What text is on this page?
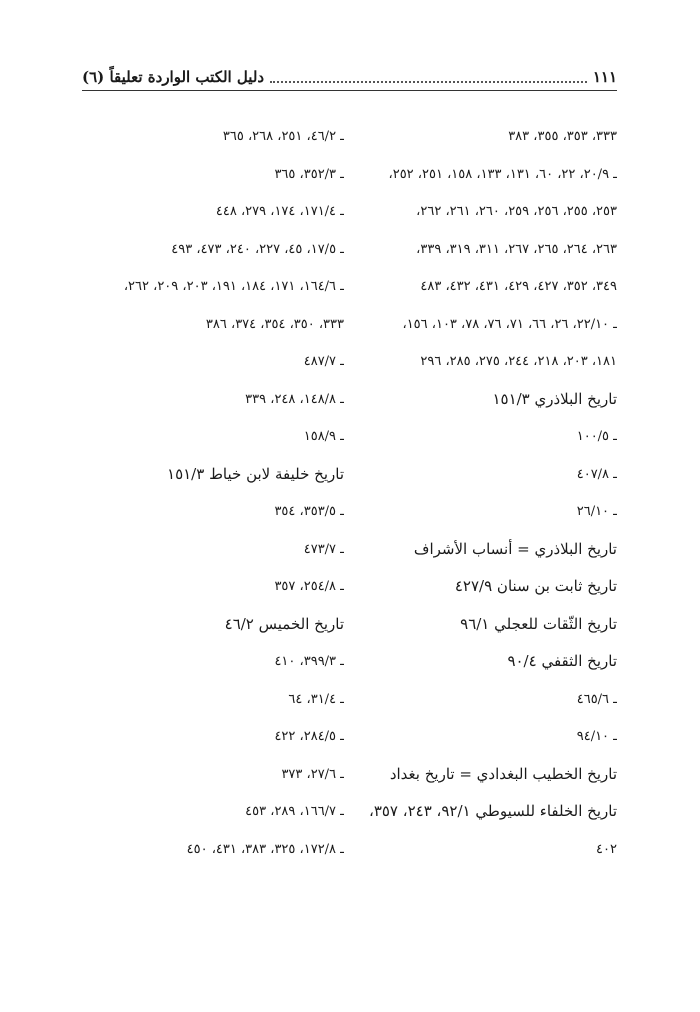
دليل الكتب الواردة تعليقاً (٦)	١١١
٣٣٣، ٣٥٣، ٣٥٥، ٣٨٣
ـ ٢٠/٩، ٢٢، ٦٠، ١٣١، ١٣٣، ١٥٨، ٢٥١، ٢٥٢،
٢٥٣، ٢٥٥، ٢٥٦، ٢٥٩، ٢٦٠، ٢٦١، ٢٦٢،
٢٦٣، ٢٦٤، ٢٦٥، ٢٦٧، ٣١١، ٣١٩، ٣٣٩،
٣٤٩، ٣٥٢، ٤٢٧، ٤٢٩، ٤٣١، ٤٣٢، ٤٨٣
ـ ٢٢/١٠، ٢٦، ٦٦، ٧١، ٧٦، ٧٨، ١٠٣، ١٥٦،
١٨١، ٢٠٣، ٢١٨، ٢٤٤، ٢٧٥، ٢٨٥، ٢٩٦
تاريخ البلاذري ١٥١/٣
ـ ١٠٠/٥
ـ ٤٠٧/٨
ـ ٢٦/١٠
تاريخ البلاذري = أنساب الأشراف
تاريخ ثابت بن سنان ٤٢٧/٩
تاريخ الثّقات للعجلي ٩٦/١
تاريخ الثقفي ٩٠/٤
ـ ٤٦٥/٦
ـ ٩٤/١٠
تاريخ الخطيب البغدادي = تاريخ بغداد
تاريخ الخلفاء للسيوطي ٩٢/١، ٢٤٣، ٣٥٧،
٤٠٢
ـ ٤٦/٢، ٢٥١، ٢٦٨، ٣٦٥
ـ ٣٥٢/٣، ٣٦٥
ـ ١٧١/٤، ١٧٤، ٢٧٩، ٤٤٨
ـ ١٧/٥، ٤٥، ٢٢٧، ٢٤٠، ٤٧٣، ٤٩٣
ـ ١٦٤/٦، ١٧١، ١٨٤، ١٩١، ٢٠٣، ٢٠٩، ٢٦٢،
٣٣٣، ٣٥٠، ٣٥٤، ٣٧٤، ٣٨٦
ـ ٤٨٧/٧
ـ ١٤٨/٨، ٢٤٨، ٣٣٩
ـ ١٥٨/٩
تاريخ خليفة لابن خياط ١٥١/٣
ـ ٣٥٣/٥، ٣٥٤
ـ ٤٧٣/٧
ـ ٢٥٤/٨، ٣٥٧
تاريخ الخميس ٤٦/٢
ـ ٣٩٩/٣، ٤١٠
ـ ٣١/٤، ٦٤
ـ ٢٨٤/٥، ٤٢٢
ـ ٢٧/٦، ٣٧٣
ـ ١٦٦/٧، ٢٨٩، ٤٥٣
ـ ١٧٢/٨، ٣٢٥، ٣٨٣، ٤٣١، ٤٥٠
